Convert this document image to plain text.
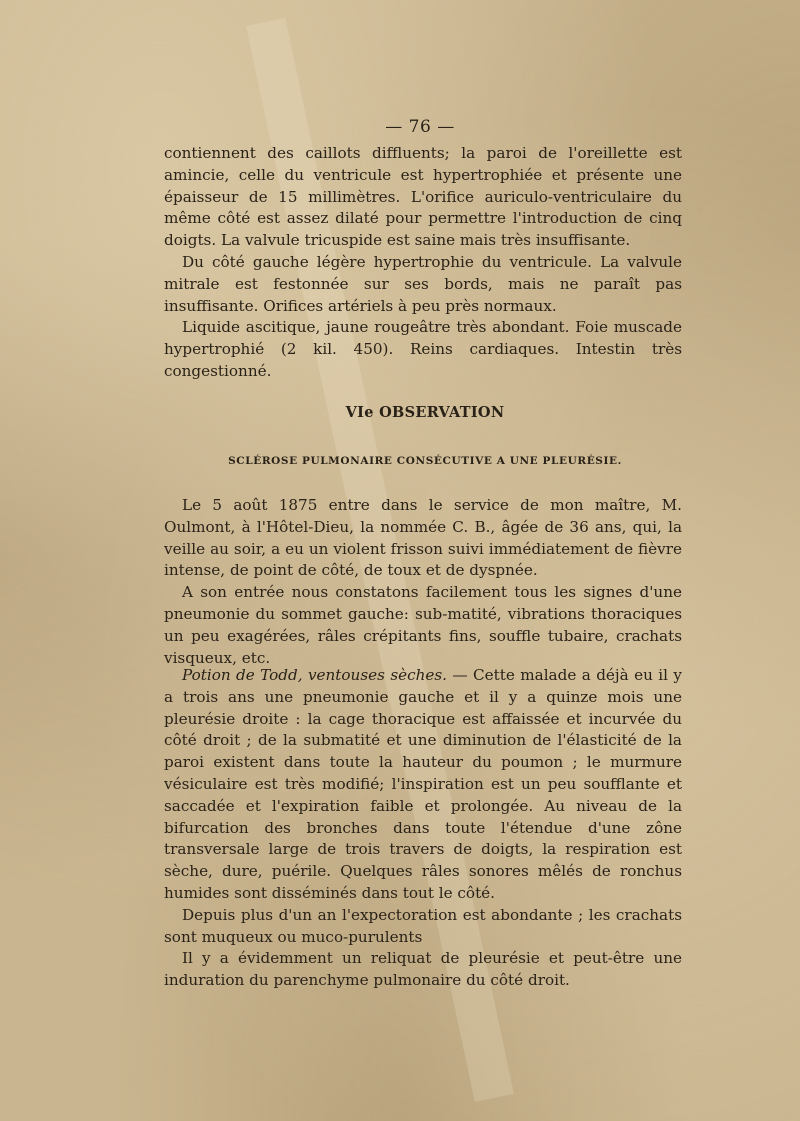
— 76 —

contiennent des caillots diffluents; la paroi de l'oreillette est amincie, celle du ventricule est hypertrophiée et présente une épaisseur de 15 millimètres. L'orifice auriculo-ventriculaire du même côté est assez dilaté pour permettre l'introduction de cinq doigts. La valvule tricuspide est saine mais très insuffisante.

Du côté gauche légère hypertrophie du ventricule. La valvule mitrale est festonnée sur ses bords, mais ne paraît pas insuffisante. Orifices artériels à peu près normaux.

Liquide ascitique, jaune rougeâtre très abondant. Foie muscade hypertrophié (2 kil. 450). Reins cardiaques. Intestin très congestionné.

VIe OBSERVATION
SCLÉROSE PULMONAIRE CONSÉCUTIVE A UNE PLEURÉSIE.

Le 5 août 1875 entre dans le service de mon maître, M. Oulmont, à l'Hôtel-Dieu, la nommée C. B., âgée de 36 ans, qui, la veille au soir, a eu un violent frisson suivi immédiatement de fièvre intense, de point de côté, de toux et de dyspnée.

A son entrée nous constatons facilement tous les signes d'une pneumonie du sommet gauche: sub-matité, vibrations thoraciques un peu exagérées, râles crépitants fins, souffle tubaire, crachats visqueux, etc.

Potion de Todd, ventouses sèches. — Cette malade a déjà eu il y a trois ans une pneumonie gauche et il y a quinze mois une pleurésie droite : la cage thoracique est affaissée et incurvée du côté droit ; de la submatité et une diminution de l'élasticité de la paroi existent dans toute la hauteur du poumon ; le murmure vésiculaire est très modifié; l'inspiration est un peu soufflante et saccadée et l'expiration faible et prolongée. Au niveau de la bifurcation des bronches dans toute l'étendue d'une zône transversale large de trois travers de doigts, la respiration est sèche, dure, puérile. Quelques râles sonores mêlés de ronchus humides sont disséminés dans tout le côté.

Depuis plus d'un an l'expectoration est abondante ; les crachats sont muqueux ou muco-purulents

Il y a évidemment un reliquat de pleurésie et peut-être une induration du parenchyme pulmonaire du côté droit.
